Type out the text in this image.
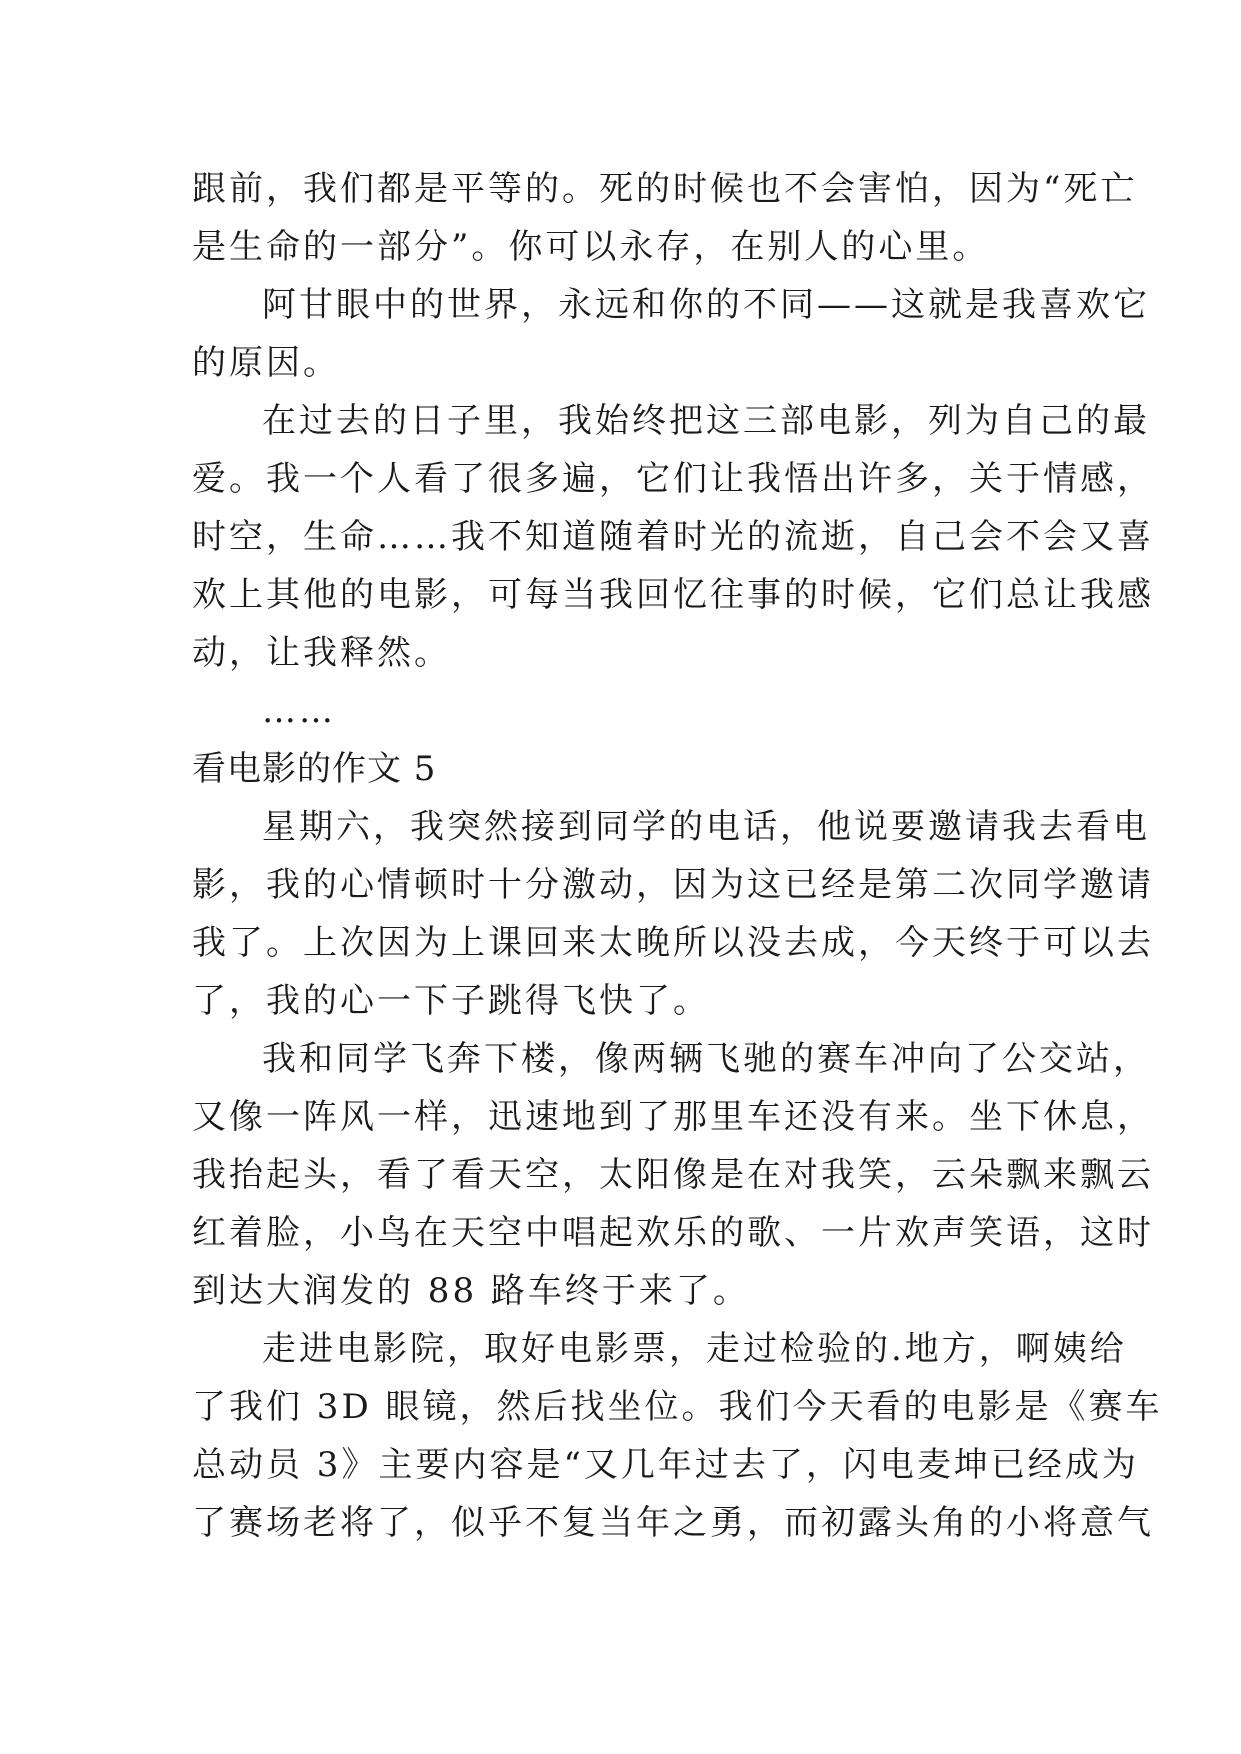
跟前，我们都是平等的。死的时候也不会害怕，因为“死亡
是生命的一部分”。你可以永存，在别人的心里。
阿甘眼中的世界，永远和你的不同——这就是我喜欢它
的原因。
在过去的日子里，我始终把这三部电影，列为自己的最
爱。我一个人看了很多遍，它们让我悟出许多，关于情感，
时空，生命……我不知道随着时光的流逝，自己会不会又喜
欢上其他的电影，可每当我回忆往事的时候，它们总让我感
动，让我释然。
……
看电影的作文 5
星期六，我突然接到同学的电话，他说要邀请我去看电
影，我的心情顿时十分激动，因为这已经是第二次同学邀请
我了。上次因为上课回来太晚所以没去成，今天终于可以去
了，我的心一下子跳得飞快了。
我和同学飞奔下楼，像两辆飞驰的赛车冲向了公交站，
又像一阵风一样，迅速地到了那里车还没有来。坐下休息，
我抬起头，看了看天空，太阳像是在对我笑，云朵飘来飘云
红着脸，小鸟在天空中唱起欢乐的歌、一片欢声笑语，这时
到达大润发的 88 路车终于来了。
走进电影院，取好电影票，走过检验的.地方，啊姨给
了我们 3D 眼镜，然后找坐位。我们今天看的电影是《赛车
总动员 3》主要内容是“又几年过去了，闪电麦坤已经成为
了赛场老将了，似乎不复当年之勇，而初露头角的小将意气
